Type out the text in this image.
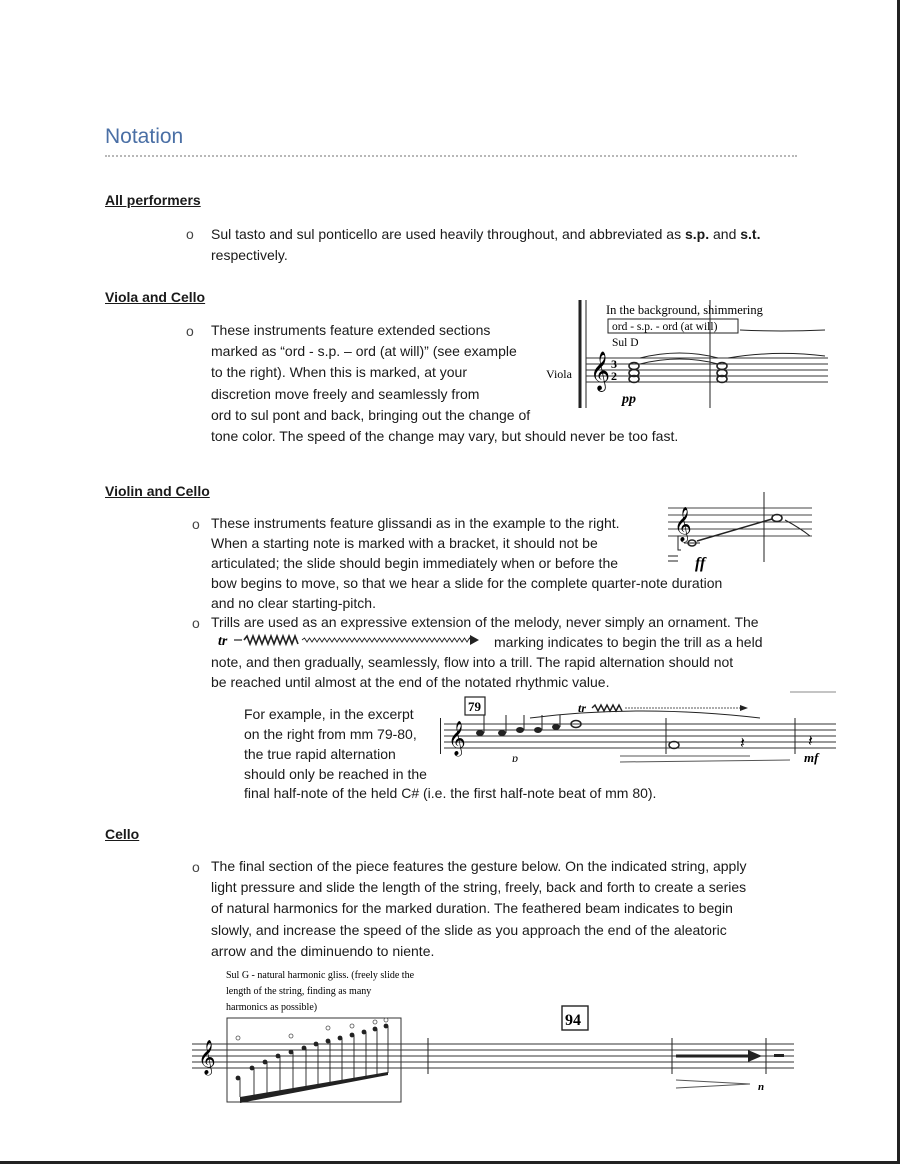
Notation
All performers
o Sul tasto and sul ponticello are used heavily throughout, and abbreviated as s.p. and s.t.
respectively.
Viola and Cello
o These instruments feature extended sections
marked as “ord - s.p. – ord (at will)” (see example
to the right). When this is marked, at your
discretion move freely and seamlessly from
ord to sul pont and back, bringing out the change of
tone color. The speed of the change may vary, but should never be too fast.
In the background, shimmering
ord - s.p. - ord (at will)
Sul D
Viola 𝄞 3
2
pp
Violin and Cello
o These instruments feature glissandi as in the example to the right.
When a starting note is marked with a bracket, it should not be
articulated; the slide should begin immediately when or before the
bow begins to move, so that we hear a slide for the complete quarter-note duration
and no clear starting-pitch.
𝄞
ff
o Trills are used as an expressive extension of the melody, never simply an ornament. The
tr	marking indicates to begin the trill as a held
note, and then gradually, seamlessly, flow into a trill. The rapid alternation should not
be reached until almost at the end of the notated rhythmic value.
For example, in the excerpt
on the right from mm 79-80,
the true rapid alternation
should only be reached in the
final half-note of the held C# (i.e. the first half-note beat of mm 80).
79	tr
𝄞	𝄽	𝄽
ɒ	mf
Cello
o The final section of the piece features the gesture below. On the indicated string, apply
light pressure and slide the length of the string, freely, back and forth to create a series
of natural harmonics for the marked duration. The feathered beam indicates to begin
slowly, and increase the speed of the slide as you approach the end of the aleatoric
arrow and the diminuendo to niente.
Sul G - natural harmonic gliss. (freely slide the
length of the string, finding as many
harmonics as possible)
94
𝄞
n
